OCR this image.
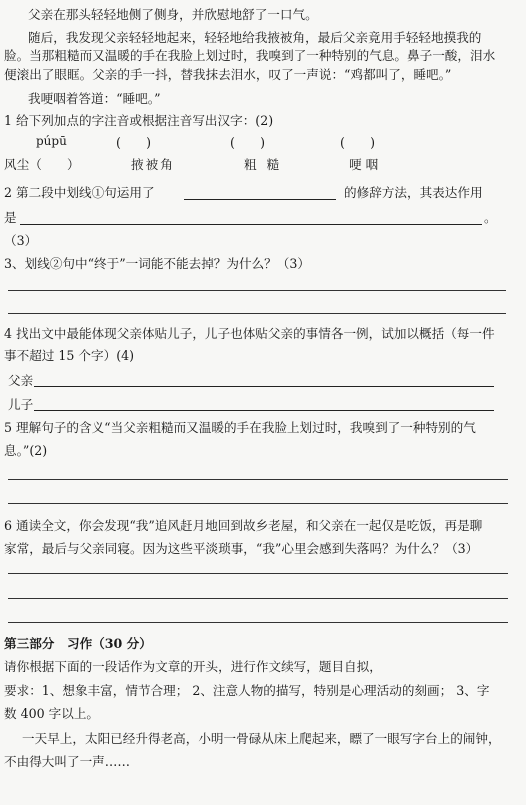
父亲在那头轻轻地侧了侧身，并欣慰地舒了一口气。
随后，我发现父亲轻轻地起来，轻轻地给我掖被角，最后父亲竟用手轻轻地摸我的
脸。当那粗糙而又温暖的手在我脸上划过时，我嗅到了一种特别的气息。鼻子一酸，泪水
便滚出了眼眶。父亲的手一抖，替我抹去泪水，叹了一声说：“鸡都叫了，睡吧。”
我哽咽着答道：“睡吧。”
1 给下列加点的字注音或根据注音写出汉字：(2)
púpū	(　　)	(　　)	(　　)
风尘（　　）	掖被角	粗糙	哽咽
2 第二段中划线①句运用了	的修辞方法，其表达作用
是	。
（3）
3、划线②句中“终于”一词能不能去掉？为什么？（3）
4 找出文中最能体现父亲体贴儿子，儿子也体贴父亲的事情各一例，试加以概括（每一件
事不超过 15 个字）(4)
父亲
儿子
5 理解句子的含义“当父亲粗糙而又温暖的手在我脸上划过时，我嗅到了一种特别的气
息。”(2)
6 通读全文，你会发现“我”追风赶月地回到故乡老屋，和父亲在一起仅是吃饭，再是聊
家常，最后与父亲同寝。因为这些平淡琐事，“我”心里会感到失落吗？为什么？（3）
第三部分　习作（30 分）
请你根据下面的一段话作为文章的开头，进行作文续写，题目自拟，
要求：1、想象丰富，情节合理； 2、注意人物的描写，特别是心理活动的刻画； 3、字
数 400 字以上。
一天早上，太阳已经升得老高，小明一骨碌从床上爬起来，瞟了一眼写字台上的闹钟，
不由得大叫了一声……
